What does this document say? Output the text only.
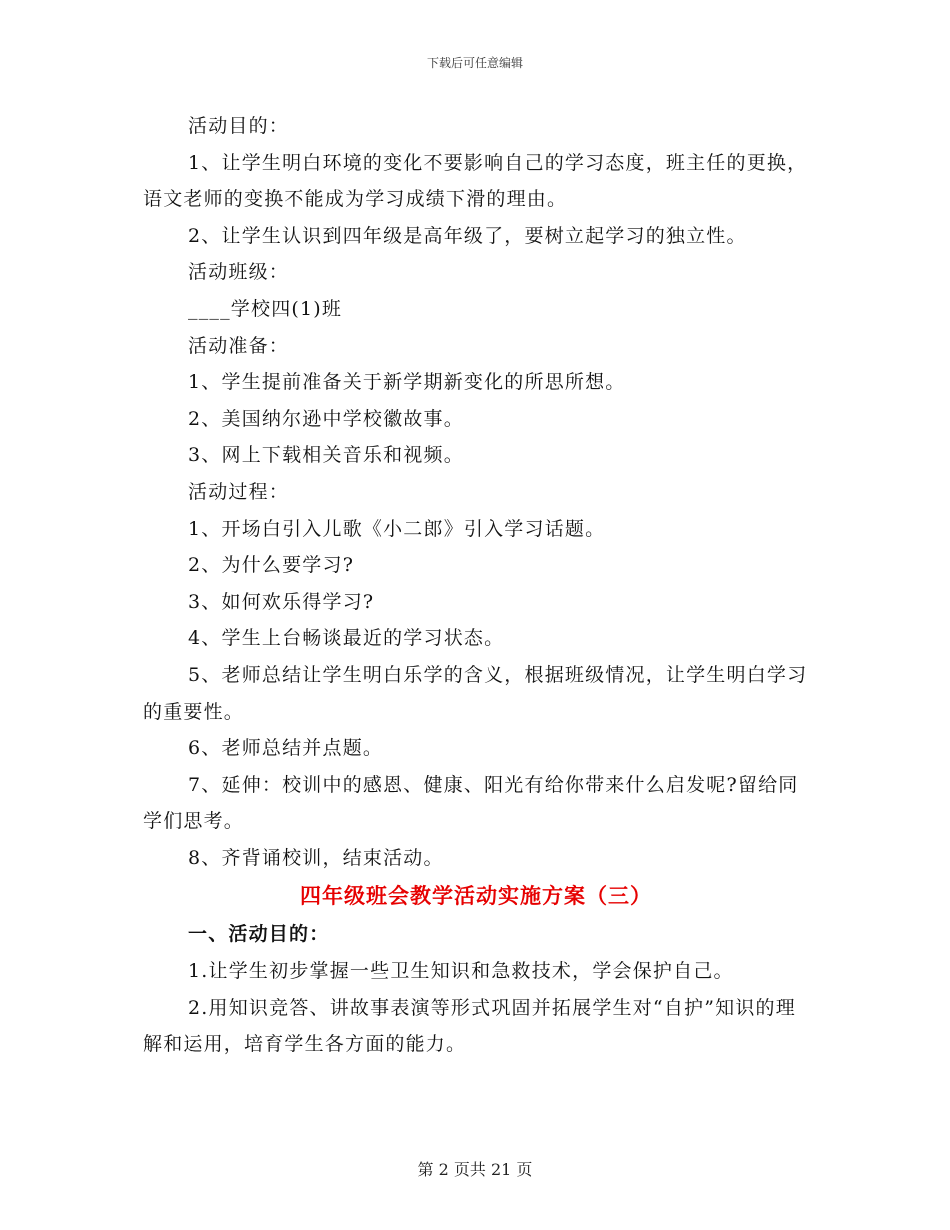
下载后可任意编辑

活动目的：

1、让学生明白环境的变化不要影响自己的学习态度，班主任的更换，语文老师的变换不能成为学习成绩下滑的理由。

2、让学生认识到四年级是高年级了，要树立起学习的独立性。

活动班级：

____学校四(1)班

活动准备：

1、学生提前准备关于新学期新变化的所思所想。

2、美国纳尔逊中学校徽故事。

3、网上下载相关音乐和视频。

活动过程：

1、开场白引入儿歌《小二郎》引入学习话题。

2、为什么要学习?

3、如何欢乐得学习?

4、学生上台畅谈最近的学习状态。

5、老师总结让学生明白乐学的含义，根据班级情况，让学生明白学习的重要性。

6、老师总结并点题。

7、延伸：校训中的感恩、健康、阳光有给你带来什么启发呢?留给同学们思考。

8、齐背诵校训，结束活动。

四年级班会教学活动实施方案（三）

一、活动目的：

1.让学生初步掌握一些卫生知识和急救技术，学会保护自己。

2.用知识竞答、讲故事表演等形式巩固并拓展学生对“自护”知识的理解和运用，培育学生各方面的能力。

第 2 页共 21 页
